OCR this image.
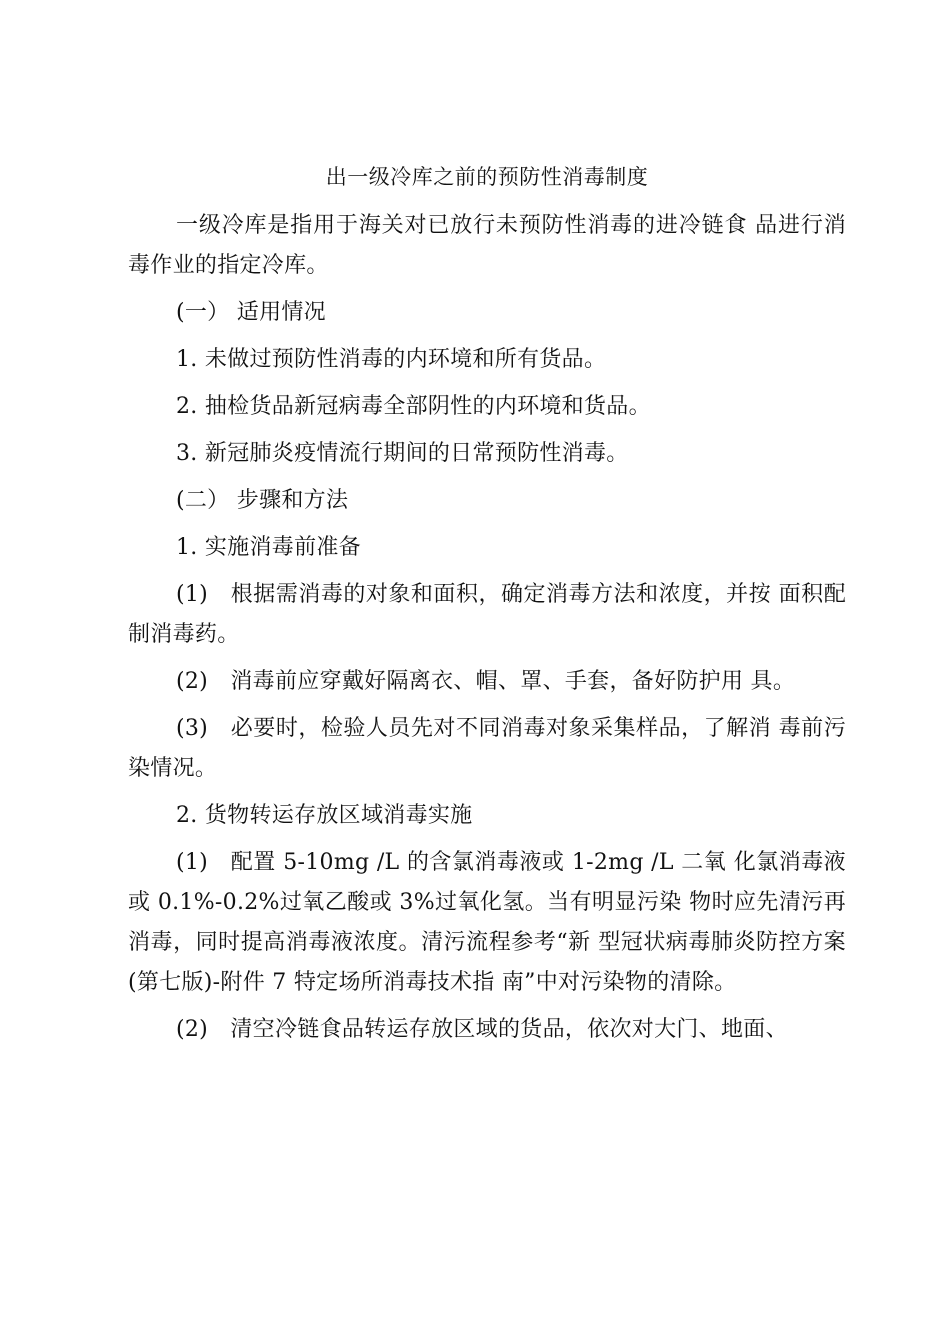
出一级冷库之前的预防性消毒制度

一级冷库是指用于海关对已放行未预防性消毒的进冷链食 品进行消毒作业的指定冷库。

(一） 适用情况

1. 未做过预防性消毒的内环境和所有货品。

2. 抽检货品新冠病毒全部阴性的内环境和货品。

3. 新冠肺炎疫情流行期间的日常预防性消毒。

(二） 步骤和方法

1. 实施消毒前准备

(1)　根据需消毒的对象和面积，确定消毒方法和浓度，并按 面积配制消毒药。

(2)　消毒前应穿戴好隔离衣、帽、罩、手套，备好防护用 具。

(3)　必要时，检验人员先对不同消毒对象采集样品，了解消 毒前污染情况。

2. 货物转运存放区域消毒实施

(1)　配置 5-10mg /L 的含氯消毒液或 1-2mg /L 二氧 化氯消毒液或 0.1%-0.2%过氧乙酸或 3%过氧化氢。当有明显污染 物时应先清污再消毒，同时提高消毒液浓度。清污流程参考“新 型冠状病毒肺炎防控方案(第七版)-附件 7 特定场所消毒技术指 南”中对污染物的清除。

(2)　清空冷链食品转运存放区域的货品，依次对大门、地面、
